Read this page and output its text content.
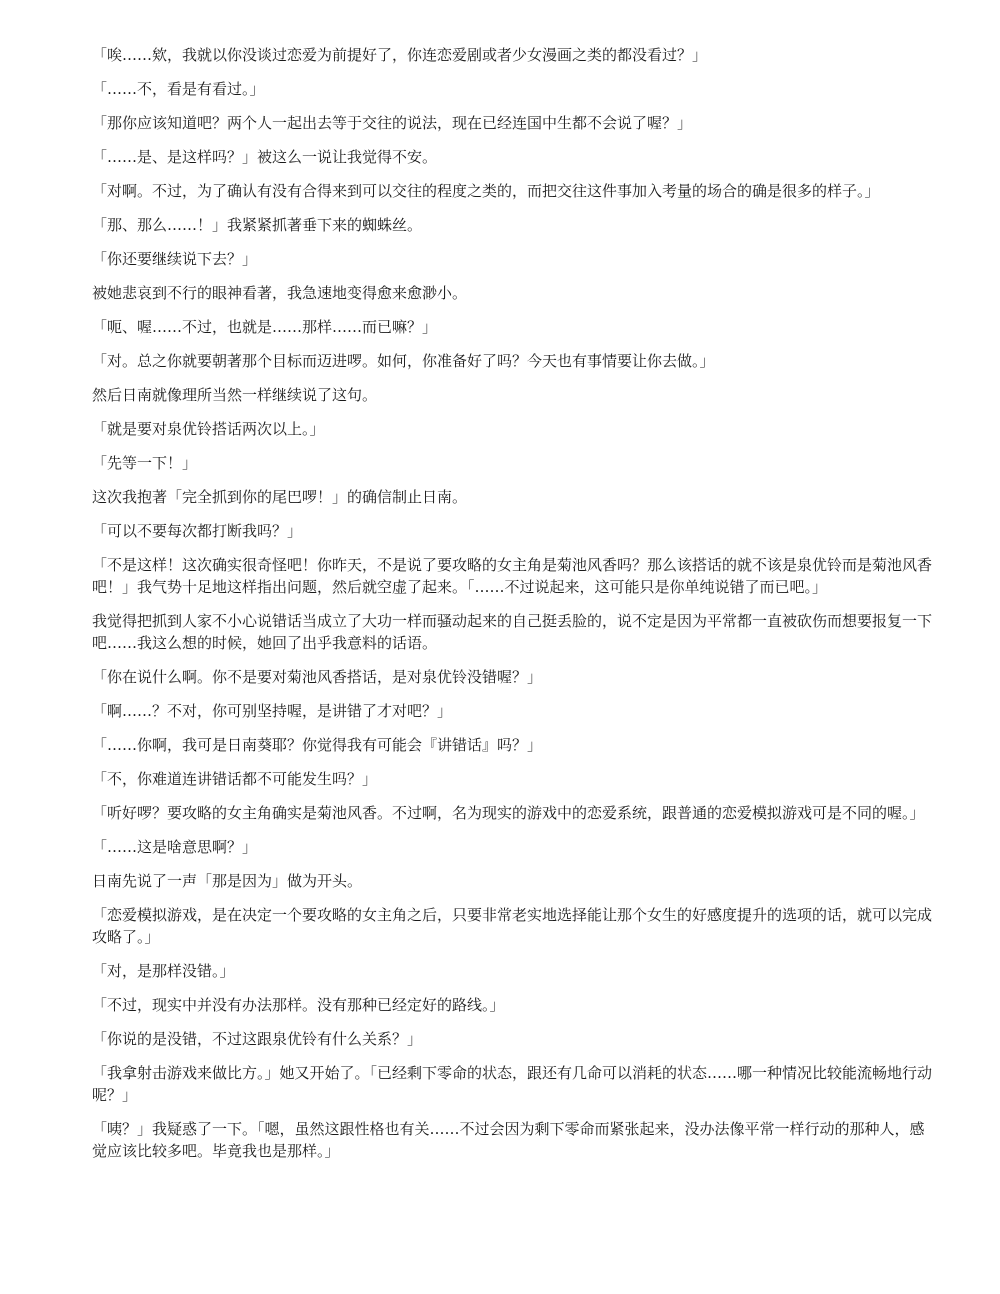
「唉……欸，我就以你没谈过恋爱为前提好了，你连恋爱剧或者少女漫画之类的都没看过？」

「……不，看是有看过。」

「那你应该知道吧？两个人一起出去等于交往的说法，现在已经连国中生都不会说了喔？」

「……是、是这样吗？」被这么一说让我觉得不安。

「对啊。不过，为了确认有没有合得来到可以交往的程度之类的，而把交往这件事加入考量的场合的确是很多的样子。」

「那、那么……！」我紧紧抓著垂下来的蜘蛛丝。

「你还要继续说下去？」

被她悲哀到不行的眼神看著，我急速地变得愈来愈渺小。

「呃、喔……不过，也就是……那样……而已嘛？」

「对。总之你就要朝著那个目标而迈进啰。如何，你准备好了吗？今天也有事情要让你去做。」

然后日南就像理所当然一样继续说了这句。

「就是要对泉优铃搭话两次以上。」

「先等一下！」

这次我抱著「完全抓到你的尾巴啰！」的确信制止日南。

「可以不要每次都打断我吗？」

「不是这样！这次确实很奇怪吧！你昨天，不是说了要攻略的女主角是菊池风香吗？那么该搭话的就不该是泉优铃而是菊池风香吧！」我气势十足地这样指出问题，然后就空虚了起来。「……不过说起来，这可能只是你单纯说错了而已吧。」

我觉得把抓到人家不小心说错话当成立了大功一样而骚动起来的自己挺丢脸的，说不定是因为平常都一直被砍伤而想要报复一下吧……我这么想的时候，她回了出乎我意料的话语。

「你在说什么啊。你不是要对菊池风香搭话，是对泉优铃没错喔？」

「啊……？不对，你可别坚持喔，是讲错了才对吧？」

「……你啊，我可是日南葵耶？你觉得我有可能会『讲错话』吗？」

「不，你难道连讲错话都不可能发生吗？」

「听好啰？要攻略的女主角确实是菊池风香。不过啊，名为现实的游戏中的恋爱系统，跟普通的恋爱模拟游戏可是不同的喔。」

「……这是啥意思啊？」

日南先说了一声「那是因为」做为开头。

「恋爱模拟游戏，是在决定一个要攻略的女主角之后，只要非常老实地选择能让那个女生的好感度提升的选项的话，就可以完成攻略了。」

「对，是那样没错。」

「不过，现实中并没有办法那样。没有那种已经定好的路线。」

「你说的是没错，不过这跟泉优铃有什么关系？」

「我拿射击游戏来做比方。」她又开始了。「已经剩下零命的状态，跟还有几命可以消耗的状态……哪一种情况比较能流畅地行动呢？」

「咦？」我疑惑了一下。「嗯，虽然这跟性格也有关……不过会因为剩下零命而紧张起来，没办法像平常一样行动的那种人，感觉应该比较多吧。毕竟我也是那样。」
